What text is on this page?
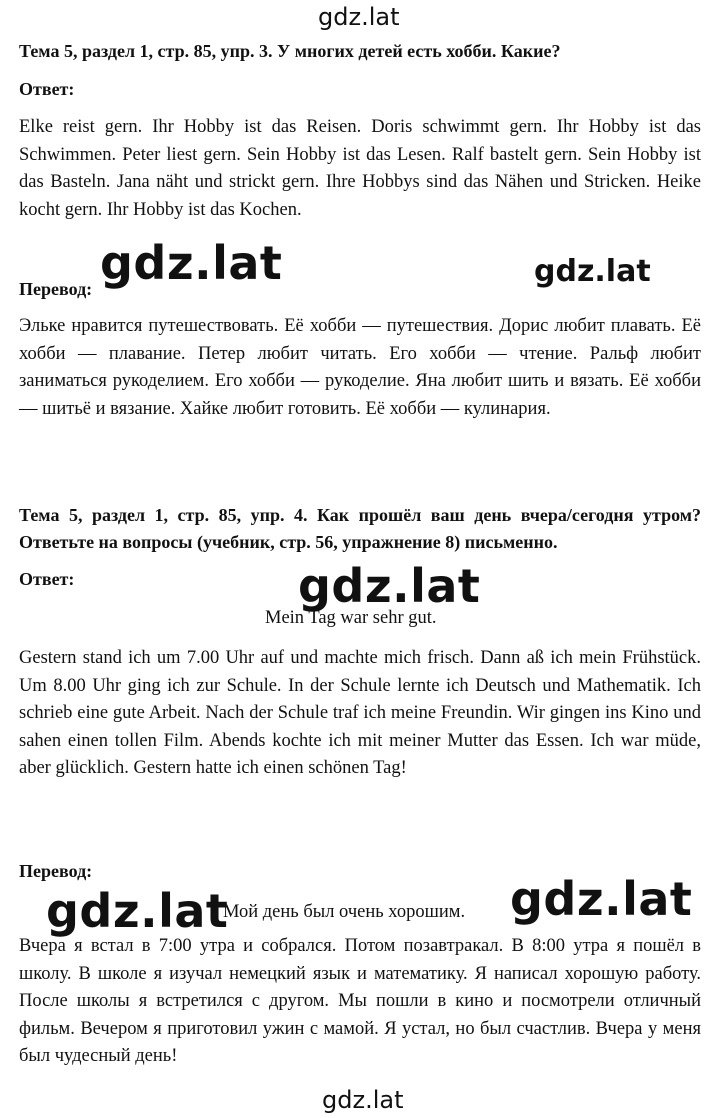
gdz.lat
Тема 5, раздел 1, стр. 85, упр. 3. У многих детей есть хобби. Какие?
Ответ:

Elke reist gern. Ihr Hobby ist das Reisen. Doris schwimmt gern. Ihr Hobby ist das Schwimmen. Peter liest gern. Sein Hobby ist das Lesen. Ralf bastelt gern. Sein Hobby ist das Basteln. Jana näht und strickt gern. Ihre Hobbys sind das Nähen und Stricken. Heike kocht gern. Ihr Hobby ist das Kochen.

Перевод: gdz.lat	gdz.lat

Эльке нравится путешествовать. Её хобби — путешествия. Дорис любит плавать. Её хобби — плавание. Петер любит читать. Его хобби — чтение. Ральф любит заниматься рукоделием. Его хобби — рукоделие. Яна любит шить и вязать. Её хобби — шитьё и вязание. Хайке любит готовить. Её хобби — кулинария.

Тема 5, раздел 1, стр. 85, упр. 4. Как прошёл ваш день вчера/сегодня утром? Ответьте на вопросы (учебник, стр. 56, упражнение 8) письменно.
Ответ:	gdz.lat
Mein Tag war sehr gut.

Gestern stand ich um 7.00 Uhr auf und machte mich frisch. Dann aß ich mein Frühstück. Um 8.00 Uhr ging ich zur Schule. In der Schule lernte ich Deutsch und Mathematik. Ich schrieb eine gute Arbeit. Nach der Schule traf ich meine Freundin. Wir gingen ins Kino und sahen einen tollen Film. Abends kochte ich mit meiner Mutter das Essen. Ich war müde, aber glücklich. Gestern hatte ich einen schönen Tag!

Перевод:
gdz.lat
Мой день был очень хорошим. gdz.lat

Вчера я встал в 7:00 утра и собрался. Потом позавтракал. В 8:00 утра я пошёл в школу. В школе я изучал немецкий язык и математику. Я написал хорошую работу. После школы я встретился с другом. Мы пошли в кино и посмотрели отличный фильм. Вечером я приготовил ужин с мамой. Я устал, но был счастлив. Вчера у меня был чудесный день!

gdz.lat
